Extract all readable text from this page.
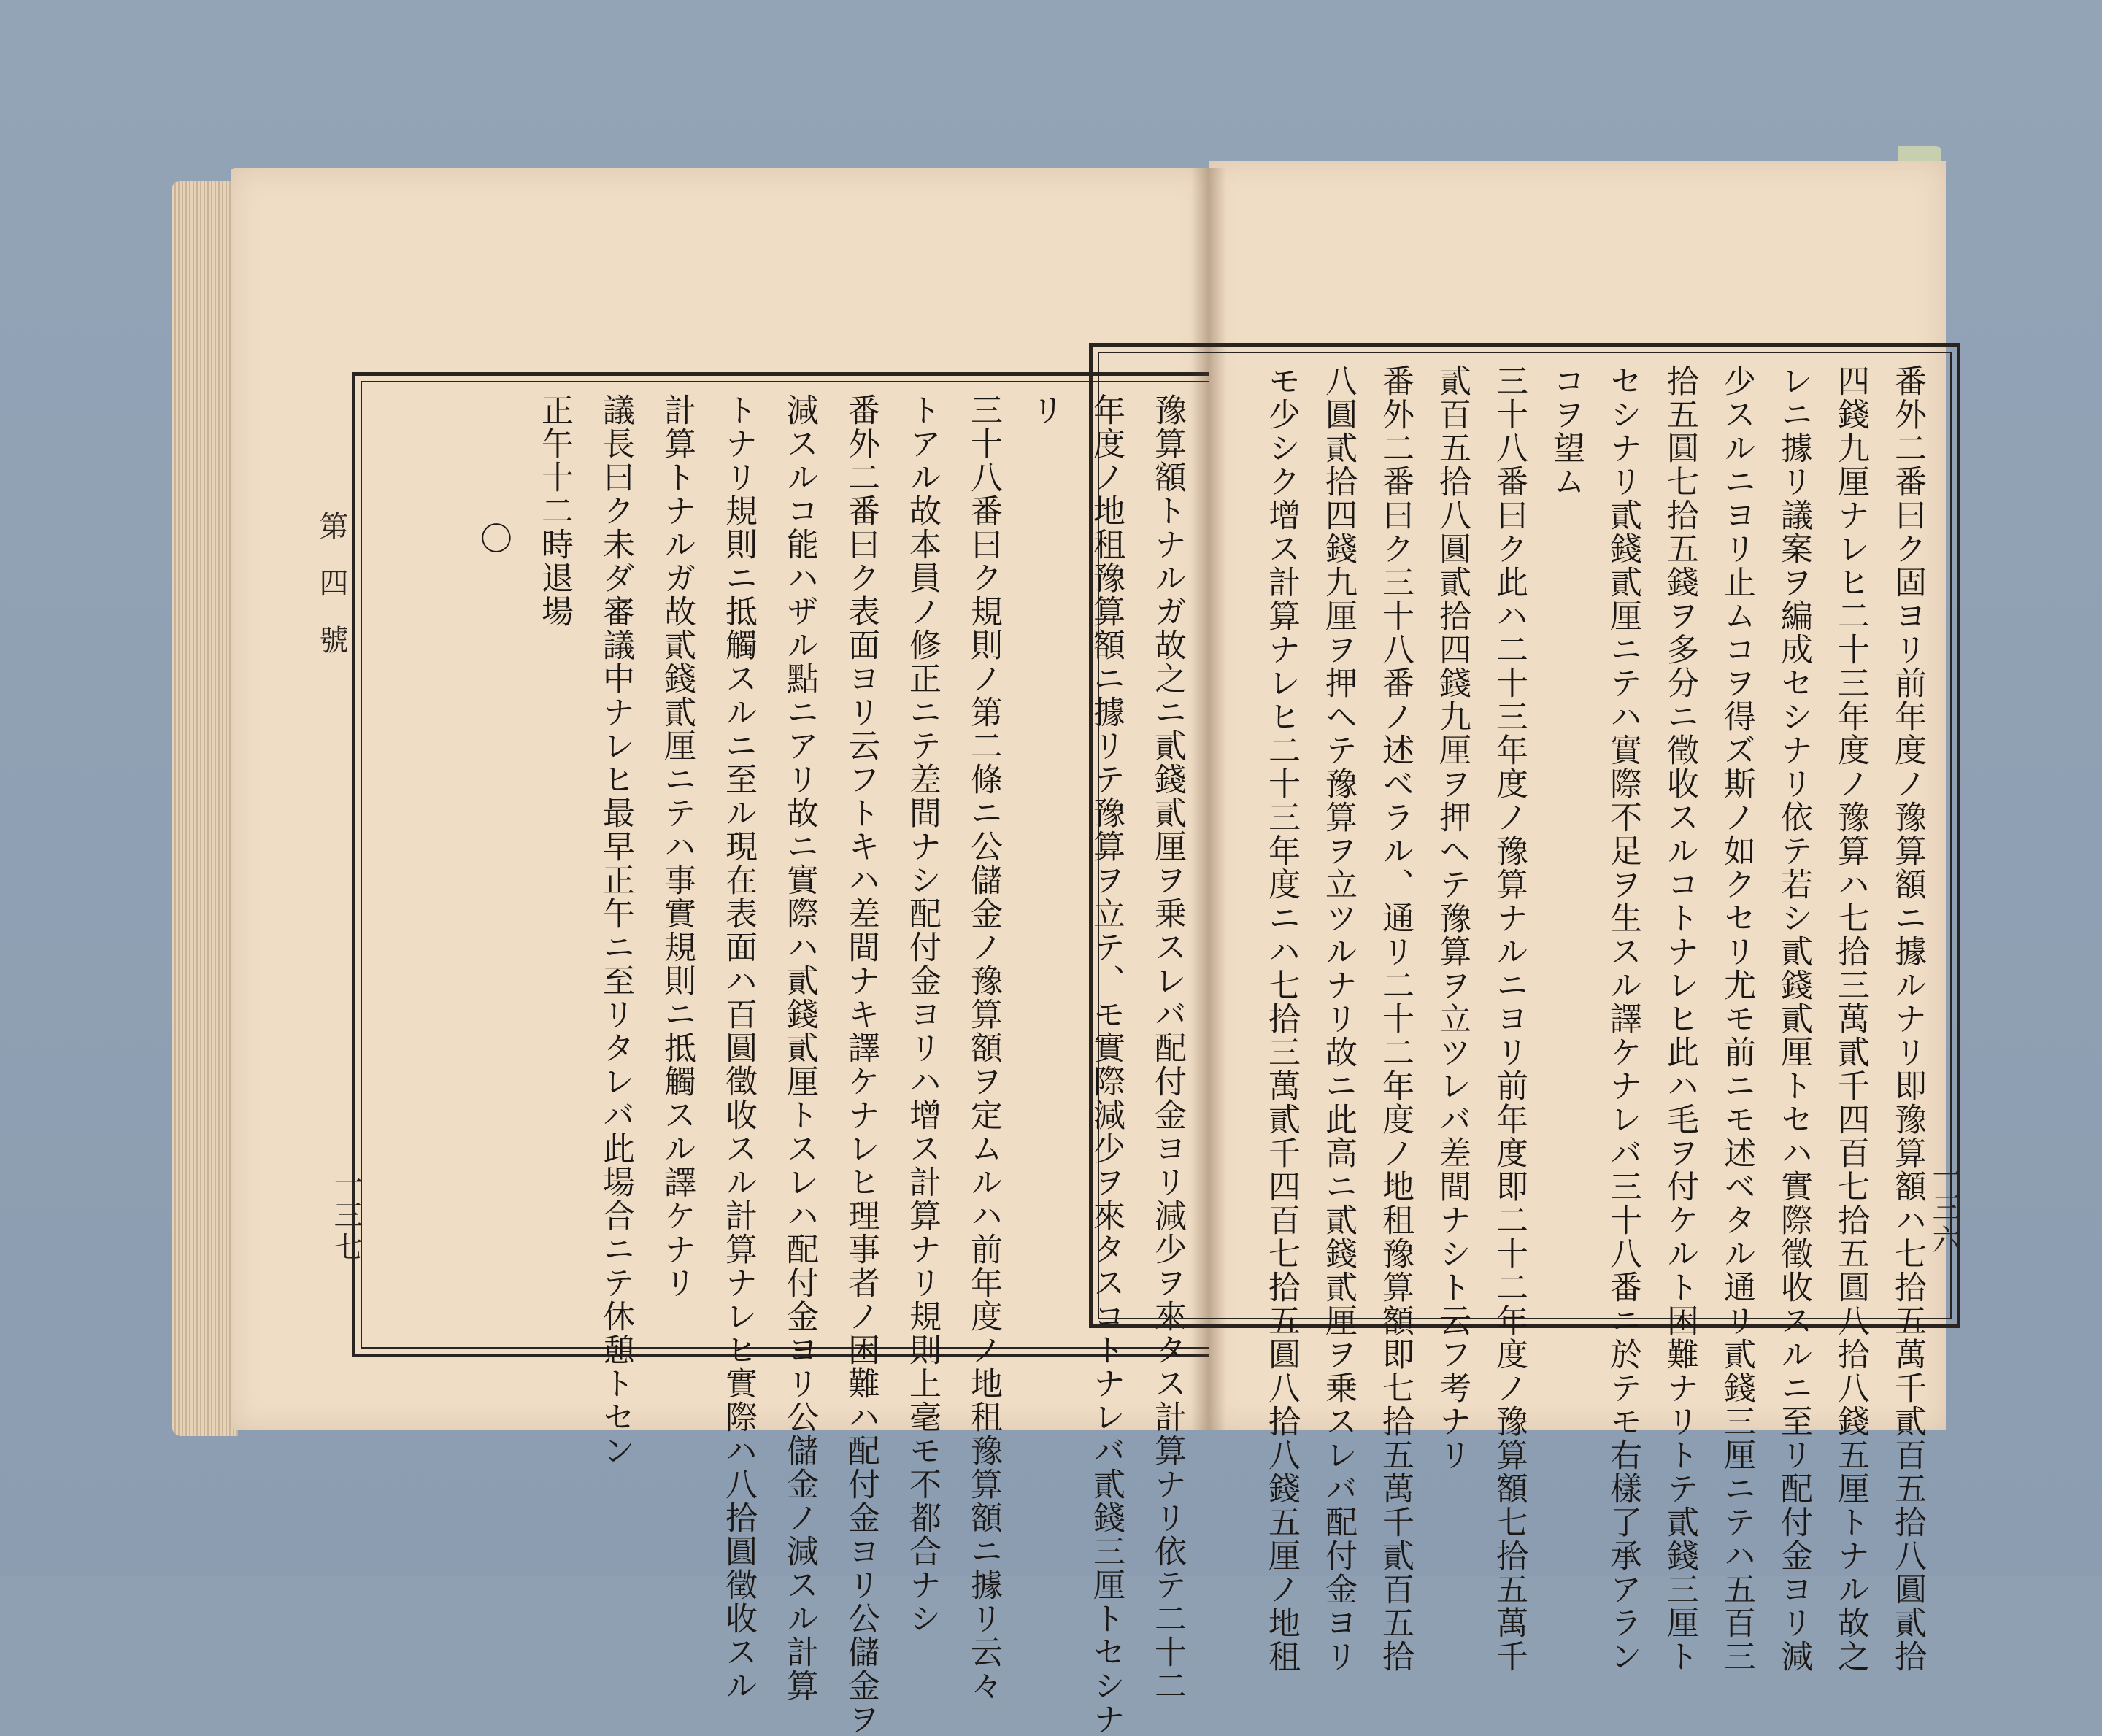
第四號
一三七	豫算額トナルガ故之ニ貳錢貳厘ヲ乗スレバ配付金ヨリ減少ヲ來タス計算ナリ依テ二十二
年度ノ地租豫算額ニ據リテ豫算ヲ立テ、モ實際減少ヲ來タスコトナレバ貳錢三厘トセシナ
リ
三十八番曰ク規則ノ第二條ニ公儲金ノ豫算額ヲ定ムルハ前年度ノ地租豫算額ニ據リ云々
トアル故本員ノ修正ニテ差間ナシ配付金ヨリハ增ス計算ナリ規則上毫モ不都合ナシ
番外二番曰ク表面ヨリ云フトキハ差間ナキ譯ケナレヒ理事者ノ困難ハ配付金ヨリ公儲金ヲ
減スルコ能ハザル點ニアリ故ニ實際ハ貳錢貳厘トスレハ配付金ヨリ公儲金ノ減スル計算
トナリ規則ニ抵觸スルニ至ル現在表面ハ百圓徵收スル計算ナレヒ實際ハ八拾圓徵收スル
計算トナルガ故貳錢貳厘ニテハ事實規則ニ抵觸スル譯ケナリ
議長曰ク未ダ審議中ナレヒ最早正午ニ至リタレバ此場合ニテ休憩トセン
正午十二時退場
〇
一三六
番外二番曰ク固ヨリ前年度ノ豫算額ニ據ルナリ即豫算額ハ七拾五萬千貳百五拾八圓貳拾
四錢九厘ナレヒ二十三年度ノ豫算ハ七拾三萬貳千四百七拾五圓八拾八錢五厘トナル故之
レニ據リ議案ヲ編成セシナリ依テ若シ貳錢貳厘トセハ實際徵收スルニ至リ配付金ヨリ減
少スルニヨリ止ムコヲ得ズ斯ノ如クセリ尤モ前ニモ述ベタル通リ貳錢三厘ニテハ五百三
拾五圓七拾五錢ヲ多分ニ徵收スルコトナレヒ此ハ毛ヲ付ケルト困難ナリトテ貳錢三厘ト
セシナリ貳錢貳厘ニテハ實際不足ヲ生スル譯ケナレバ三十八番ニ於テモ右樣了承アラン
コヲ望ム
三十八番曰ク此ハ二十三年度ノ豫算ナルニヨリ前年度即二十二年度ノ豫算額七拾五萬千
貳百五拾八圓貳拾四錢九厘ヲ押ヘテ豫算ヲ立ツレバ差間ナシト云フ考ナリ
番外二番曰ク三十八番ノ述ベラル、通リ二十二年度ノ地租豫算額即七拾五萬千貳百五拾
八圓貳拾四錢九厘ヲ押ヘテ豫算ヲ立ツルナリ故ニ此高ニ貳錢貳厘ヲ乗スレバ配付金ヨリ
モ少シク增ス計算ナレヒ二十三年度ニハ七拾三萬貳千四百七拾五圓八拾八錢五厘ノ地租
